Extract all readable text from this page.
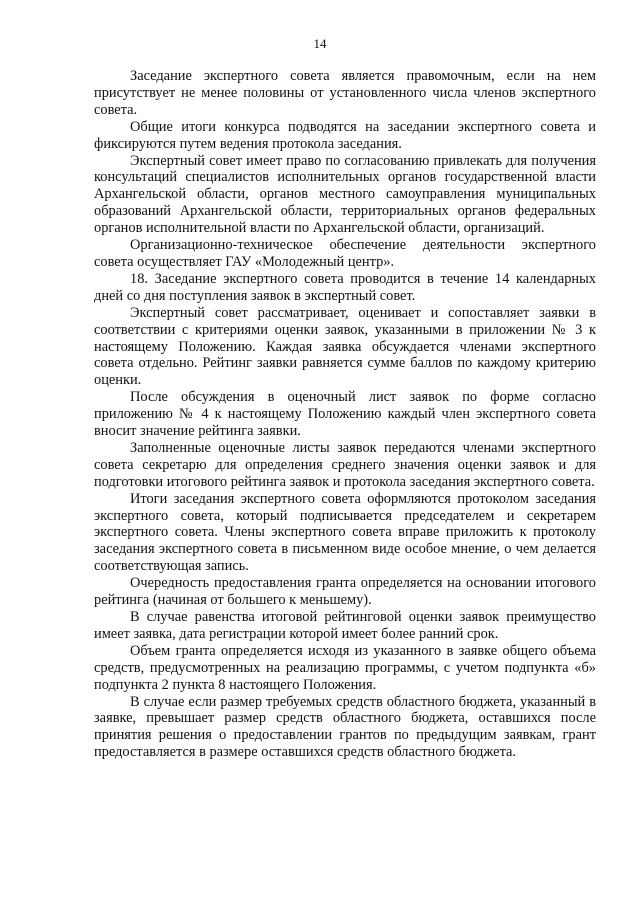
14

Заседание экспертного совета является правомочным, если на нем присутствует не менее половины от установленного числа членов экспертного совета.

Общие итоги конкурса подводятся на заседании экспертного совета и фиксируются путем ведения протокола заседания.

Экспертный совет имеет право по согласованию привлекать для получения консультаций специалистов исполнительных органов государственной власти Архангельской области, органов местного самоуправления муниципальных образований Архангельской области, территориальных органов федеральных органов исполнительной власти по Архангельской области, организаций.

Организационно-техническое обеспечение деятельности экспертного совета осуществляет ГАУ «Молодежный центр».

18. Заседание экспертного совета проводится в течение 14 календарных дней со дня поступления заявок в экспертный совет.

Экспертный совет рассматривает, оценивает и сопоставляет заявки в соответствии с критериями оценки заявок, указанными в приложении № 3 к настоящему Положению. Каждая заявка обсуждается членами экспертного совета отдельно. Рейтинг заявки равняется сумме баллов по каждому критерию оценки.

После обсуждения в оценочный лист заявок по форме согласно приложению № 4 к настоящему Положению каждый член экспертного совета вносит значение рейтинга заявки.

Заполненные оценочные листы заявок передаются членами экспертного совета секретарю для определения среднего значения оценки заявок и для подготовки итогового рейтинга заявок и протокола заседания экспертного совета.

Итоги заседания экспертного совета оформляются протоколом заседания экспертного совета, который подписывается председателем и секретарем экспертного совета. Члены экспертного совета вправе приложить к протоколу заседания экспертного совета в письменном виде особое мнение, о чем делается соответствующая запись.

Очередность предоставления гранта определяется на основании итогового рейтинга (начиная от большего к меньшему).

В случае равенства итоговой рейтинговой оценки заявок преимущество имеет заявка, дата регистрации которой имеет более ранний срок.

Объем гранта определяется исходя из указанного в заявке общего объема средств, предусмотренных на реализацию программы, с учетом подпункта «б» подпункта 2 пункта 8 настоящего Положения.

В случае если размер требуемых средств областного бюджета, указанный в заявке, превышает размер средств областного бюджета, оставшихся после принятия решения о предоставлении грантов по предыдущим заявкам, грант предоставляется в размере оставшихся средств областного бюджета.
